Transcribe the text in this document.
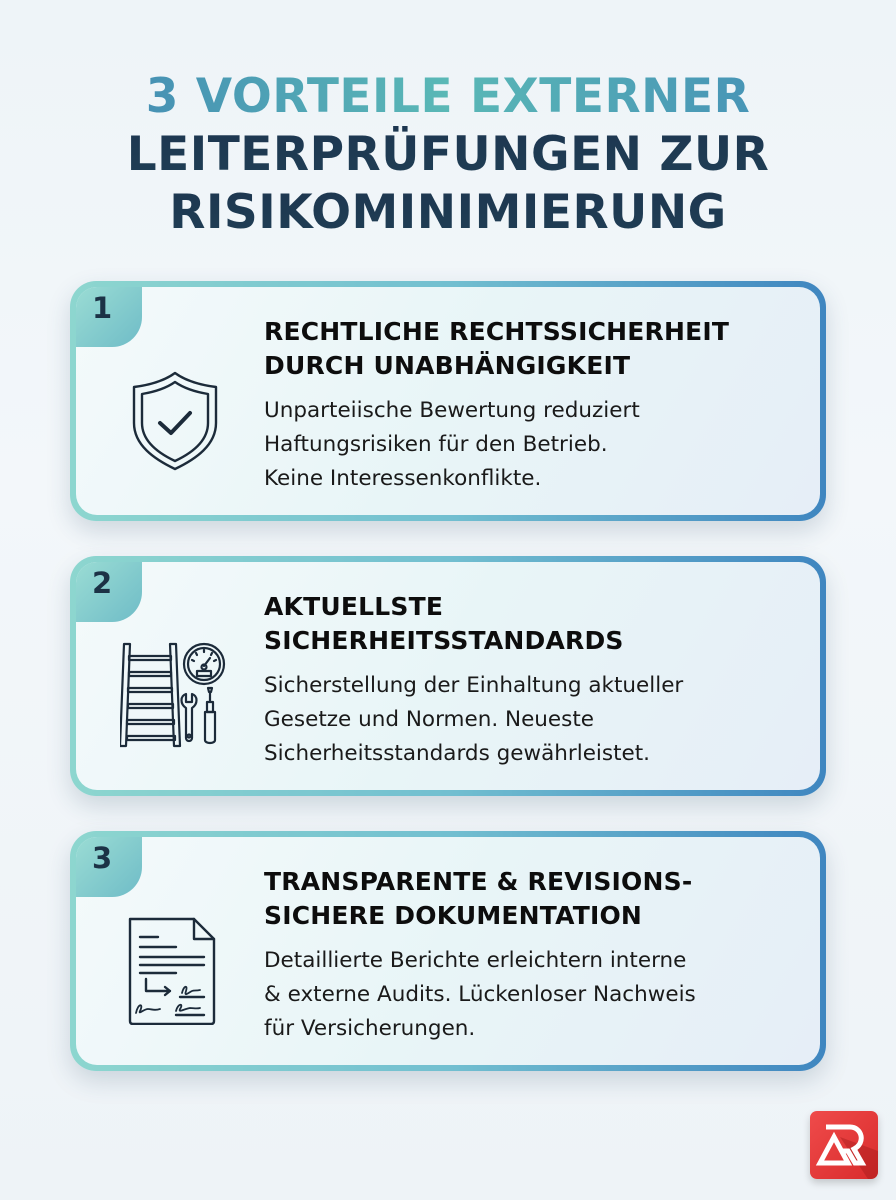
3 VORTEILE EXTERNER
LEITERPRÜFUNGEN ZUR
RISIKOMINIMIERUNG
1
RECHTLICHE RECHTSSICHERHEIT
DURCH UNABHÄNGIGKEIT
Unparteiische Bewertung reduziert
Haftungsrisiken für den Betrieb.
Keine Interessenkonflikte.
2
AKTUELLSTE
SICHERHEITSSTANDARDS
Sicherstellung der Einhaltung aktueller
Gesetze und Normen. Neueste
Sicherheitsstandards gewährleistet.
3
TRANSPARENTE & REVISIONS-
SICHERE DOKUMENTATION
Detaillierte Berichte erleichtern interne
& externe Audits. Lückenloser Nachweis
für Versicherungen.
